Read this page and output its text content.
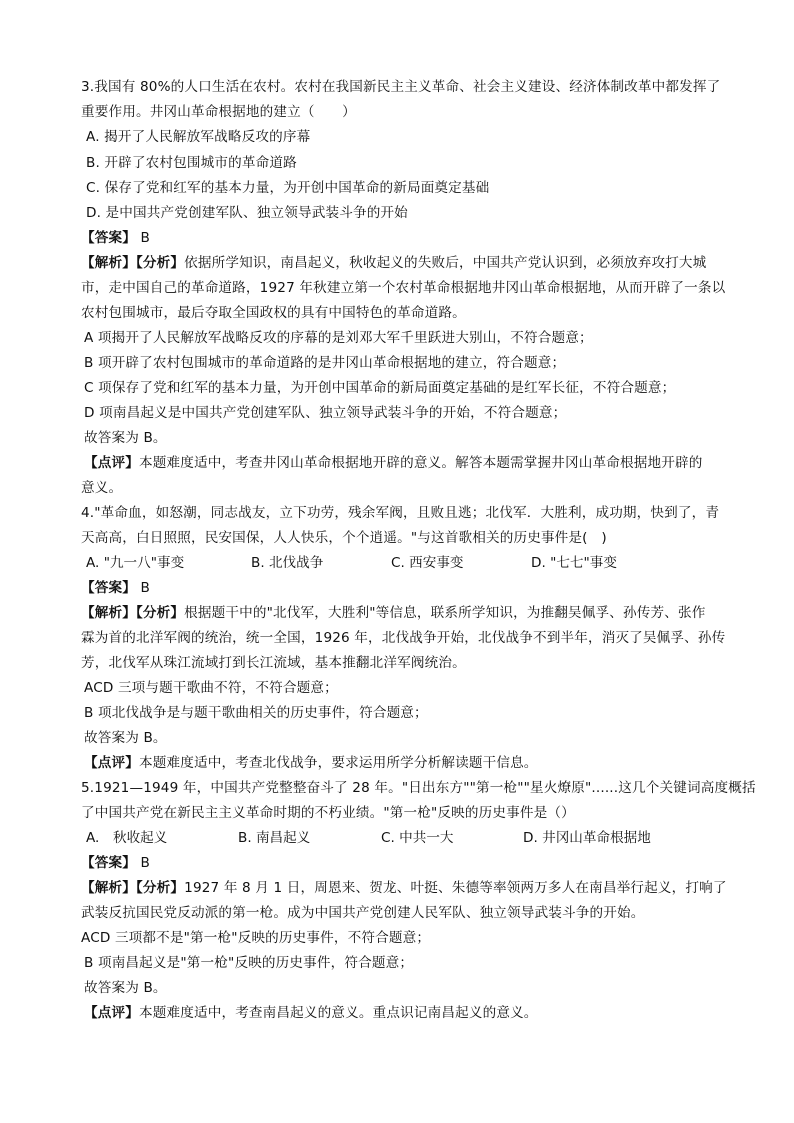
3.我国有 80%的人口生活在农村。农村在我国新民主主义革命、社会主义建设、经济体制改革中都发挥了
重要作用。井冈山革命根据地的建立（　　）
A. 揭开了人民解放军战略反攻的序幕
B. 开辟了农村包围城市的革命道路
C. 保存了党和红军的基本力量，为开创中国革命的新局面奠定基础
D. 是中国共产党创建军队、独立领导武装斗争的开始
【答案】 B
【解析】【分析】依据所学知识，南昌起义，秋收起义的失败后，中国共产党认识到，必须放弃攻打大城
市，走中国自己的革命道路，1927 年秋建立第一个农村革命根据地井冈山革命根据地，从而开辟了一条以
农村包围城市，最后夺取全国政权的具有中国特色的革命道路。
A 项揭开了人民解放军战略反攻的序幕的是刘邓大军千里跃进大别山，不符合题意；
B 项开辟了农村包围城市的革命道路的是井冈山革命根据地的建立，符合题意；
C 项保存了党和红军的基本力量，为开创中国革命的新局面奠定基础的是红军长征，不符合题意；
D 项南昌起义是中国共产党创建军队、独立领导武装斗争的开始，不符合题意；
故答案为 B。
【点评】本题难度适中，考查井冈山革命根据地开辟的意义。解答本题需掌握井冈山革命根据地开辟的
意义。
4."革命血，如怒潮，同志战友，立下功劳，残余军阀，且败且逃；北伐军．大胜利，成功期，快到了，青
天高高，白日照照，民安国保，人人快乐，个个逍遥。"与这首歌相关的历史事件是(　)
A. "九一八"事变	B. 北伐战争	C. 西安事变	D. "七七"事变
【答案】 B
【解析】【分析】根据题干中的"北伐军，大胜利"等信息，联系所学知识，为推翻吴佩孚、孙传芳、张作
霖为首的北洋军阀的统治，统一全国，1926 年，北伐战争开始，北伐战争不到半年，消灭了吴佩孚、孙传
芳，北伐军从珠江流域打到长江流域，基本推翻北洋军阀统治。
ACD 三项与题干歌曲不符，不符合题意；
B 项北伐战争是与题干歌曲相关的历史事件，符合题意；
故答案为 B。
【点评】本题难度适中，考查北伐战争，要求运用所学分析解读题干信息。
5.1921—1949 年，中国共产党整整奋斗了 28 年。"日出东方""第一枪""星火燎原"......这几个关键词高度概括
了中国共产党在新民主主义革命时期的不朽业绩。"第一枪"反映的历史事件是（）
A.　秋收起义	B. 南昌起义	C. 中共一大	D. 井冈山革命根据地
【答案】 B
【解析】【分析】1927 年 8 月 1 日，周恩来、贺龙、叶挺、朱德等率领两万多人在南昌举行起义，打响了
武装反抗国民党反动派的第一枪。成为中国共产党创建人民军队、独立领导武装斗争的开始。
ACD 三项都不是"第一枪"反映的历史事件，不符合题意；
B 项南昌起义是"第一枪"反映的历史事件，符合题意；
故答案为 B。
【点评】本题难度适中，考查南昌起义的意义。重点识记南昌起义的意义。
